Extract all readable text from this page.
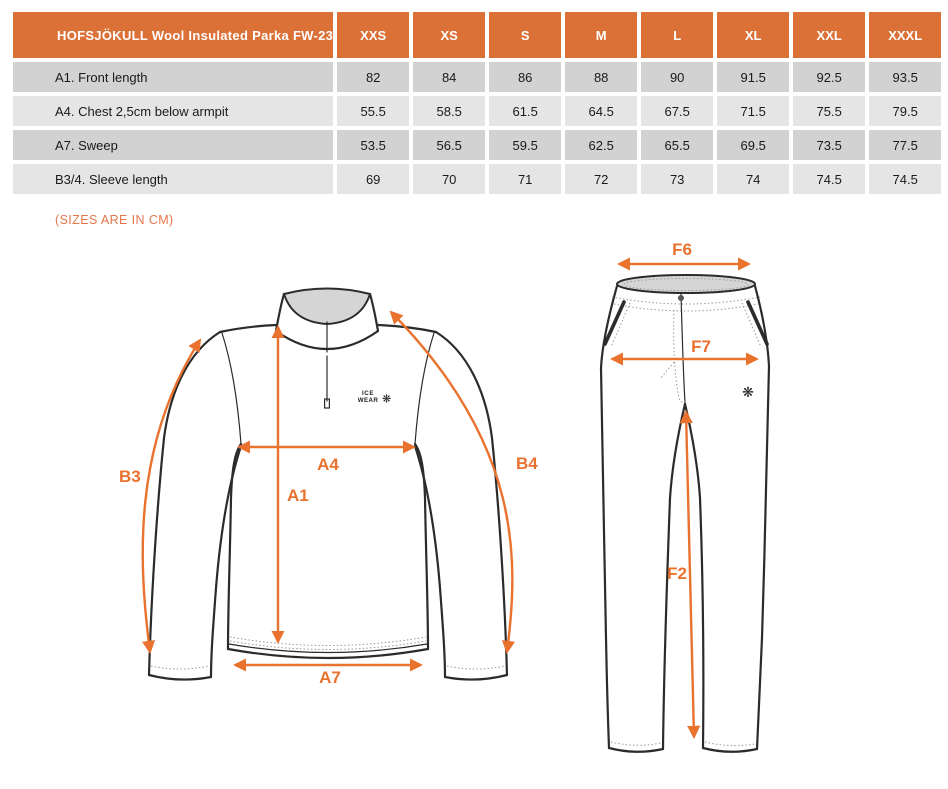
HOFSJÖKULL Wool Insulated Parka FW-23	XXS	XS	S	M	L	XL	XXL	XXXL
A1. Front length	82	84	86	88	90	91.5	92.5	93.5
A4. Chest 2,5cm below armpit	55.5	58.5	61.5	64.5	67.5	71.5	75.5	79.5
A7. Sweep	53.5	56.5	59.5	62.5	65.5	69.5	73.5	77.5
B3/4. Sleeve length	69	70	71	72	73	74	74.5	74.5
(SIZES ARE IN CM)
ICE
WEAR ❋
A4
A1
A7
B3
B4
❋
F6
F7
F2
